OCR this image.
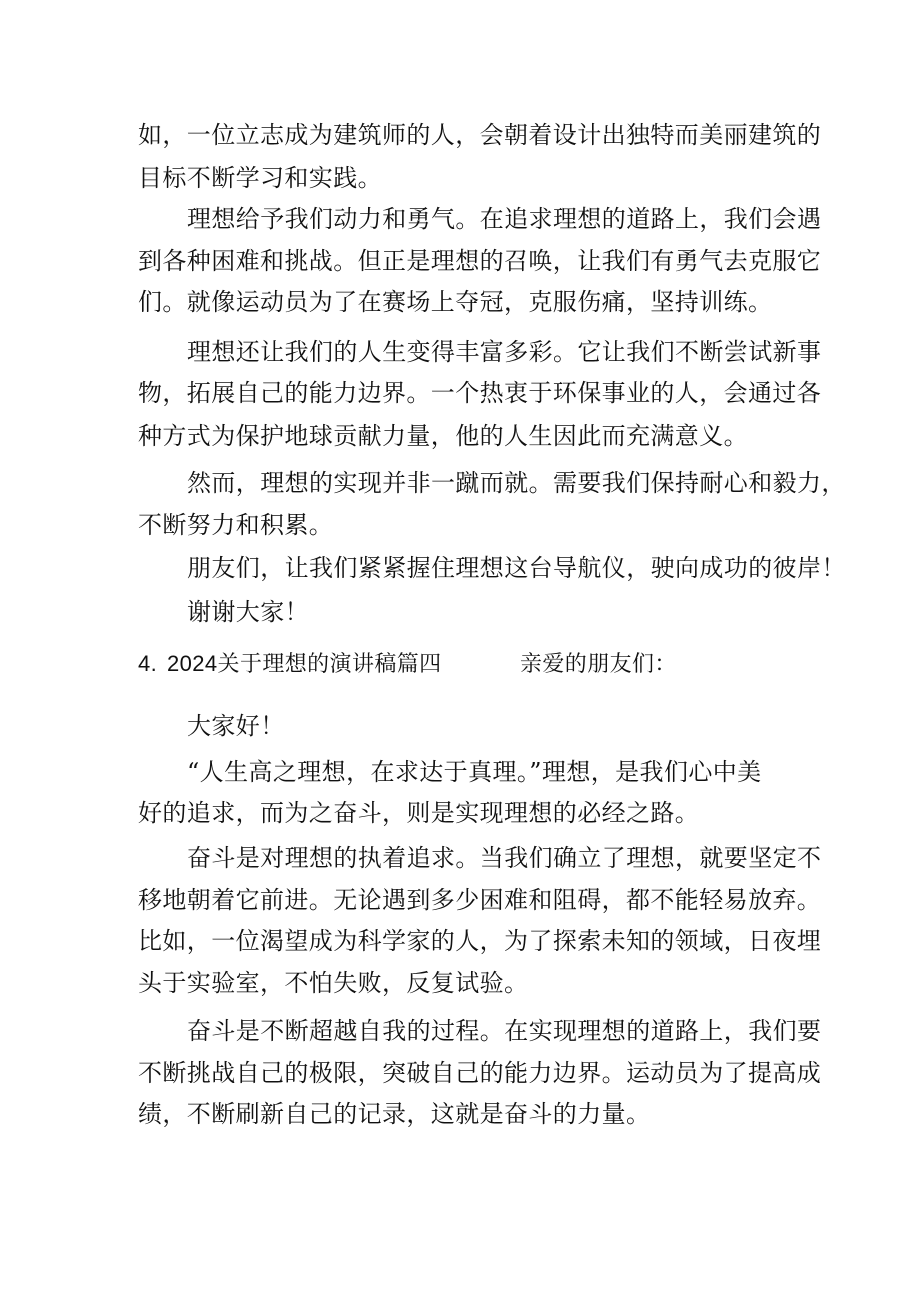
如，一位立志成为建筑师的人，会朝着设计出独特而美丽建筑的
目标不断学习和实践。
理想给予我们动力和勇气。在追求理想的道路上，我们会遇
到各种困难和挑战。但正是理想的召唤，让我们有勇气去克服它
们。就像运动员为了在赛场上夺冠，克服伤痛，坚持训练。
理想还让我们的人生变得丰富多彩。它让我们不断尝试新事
物，拓展自己的能力边界。一个热衷于环保事业的人，会通过各
种方式为保护地球贡献力量，他的人生因此而充满意义。
然而，理想的实现并非一蹴而就。需要我们保持耐心和毅力，
不断努力和积累。
朋友们，让我们紧紧握住理想这台导航仪，驶向成功的彼岸！
谢谢大家！
4. 2024关于理想的演讲稿篇四	亲爱的朋友们：
大家好！
“人生高之理想，在求达于真理。”理想，是我们心中美
好的追求，而为之奋斗，则是实现理想的必经之路。
奋斗是对理想的执着追求。当我们确立了理想，就要坚定不
移地朝着它前进。无论遇到多少困难和阻碍，都不能轻易放弃。
比如，一位渴望成为科学家的人，为了探索未知的领域，日夜埋
头于实验室，不怕失败，反复试验。
奋斗是不断超越自我的过程。在实现理想的道路上，我们要
不断挑战自己的极限，突破自己的能力边界。运动员为了提高成
绩，不断刷新自己的记录，这就是奋斗的力量。
